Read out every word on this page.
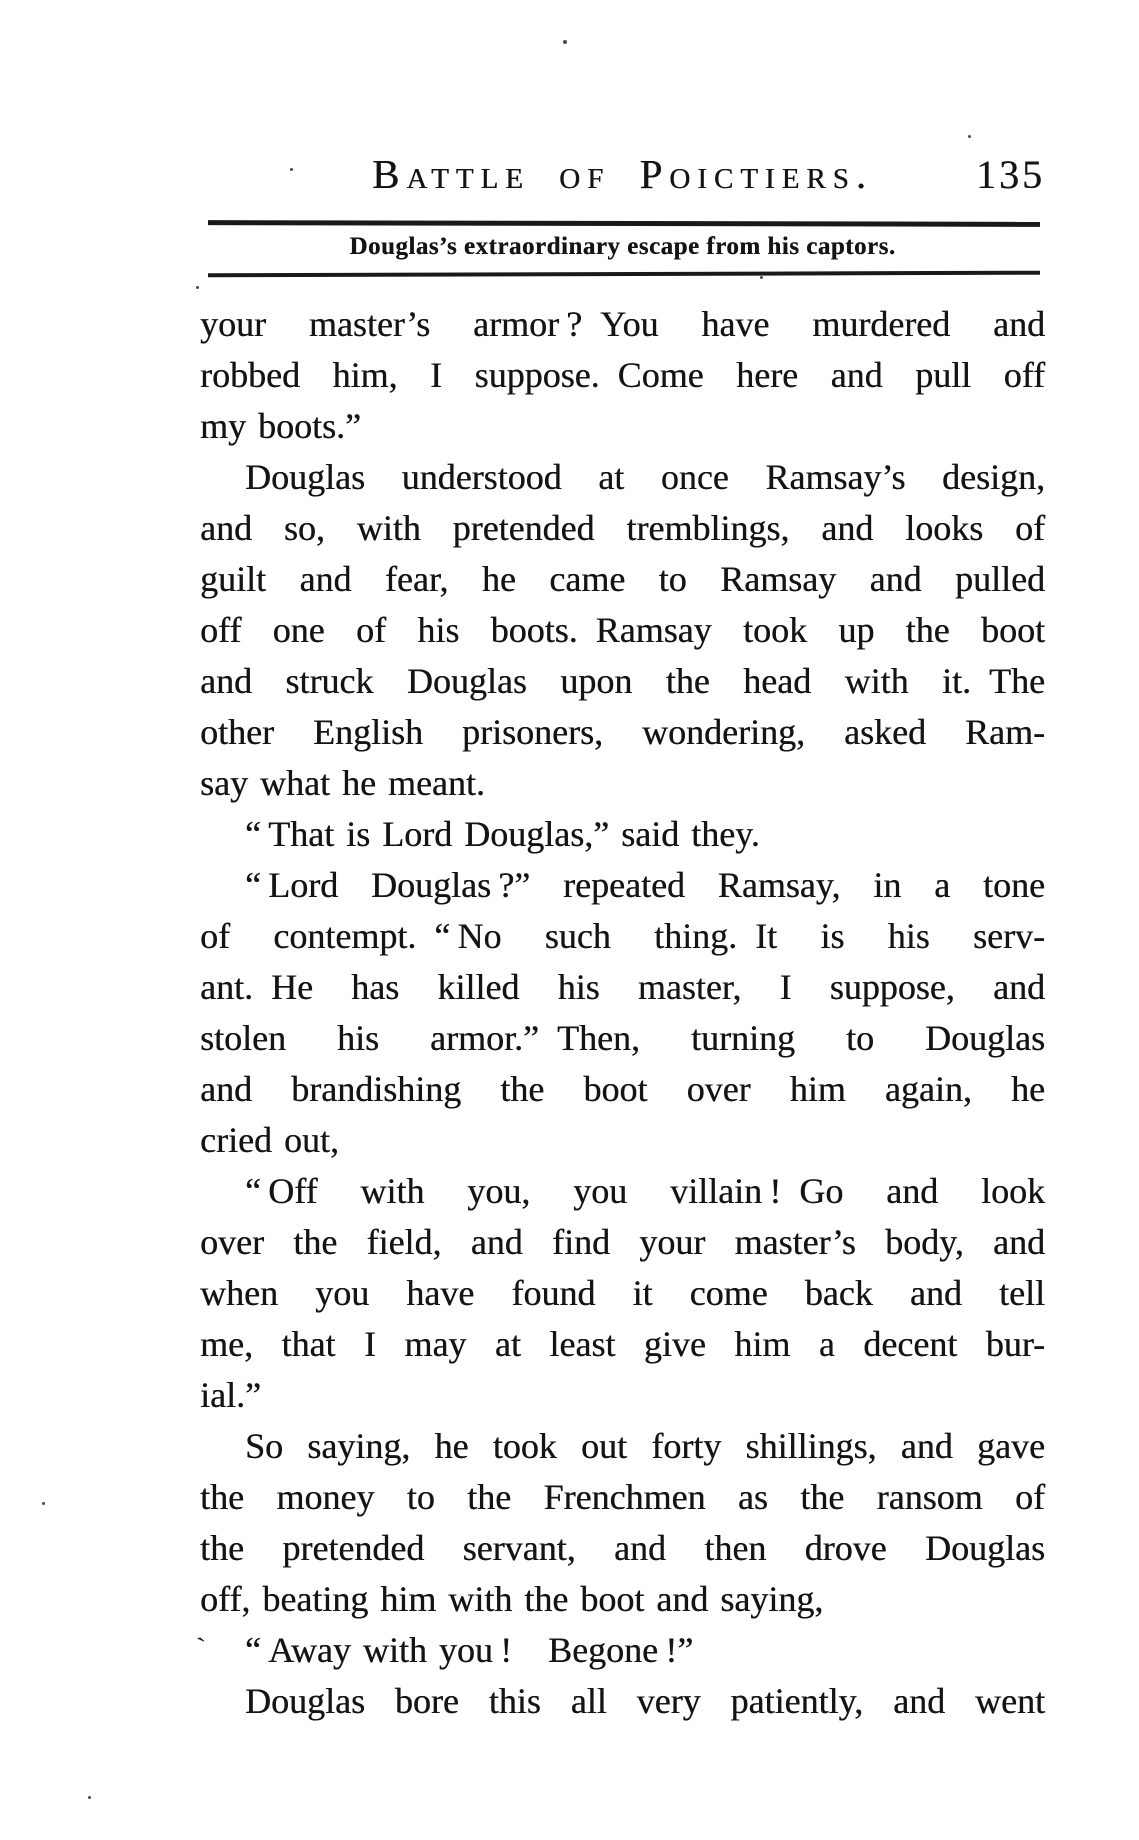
Battle of Poictiers.	135
Douglas’s extraordinary escape from his captors.
your master’s armor ? You have murdered and
robbed him, I suppose. Come here and pull off
my boots.”
Douglas understood at once Ramsay’s design,
and so, with pretended tremblings, and looks of
guilt and fear, he came to Ramsay and pulled
off one of his boots. Ramsay took up the boot
and struck Douglas upon the head with it. The
other English prisoners, wondering, asked Ram-
say what he meant.
“ That is Lord Douglas,” said they.
“ Lord Douglas ?” repeated Ramsay, in a tone
of contempt. “ No such thing. It is his serv-
ant. He has killed his master, I suppose, and
stolen his armor.” Then, turning to Douglas
and brandishing the boot over him again, he
cried out,
“ Off with you, you villain ! Go and look
over the field, and find your master’s body, and
when you have found it come back and tell
me, that I may at least give him a decent bur-
ial.”
So saying, he took out forty shillings, and gave
the money to the Frenchmen as the ransom of
the pretended servant, and then drove Douglas
off, beating him with the boot and saying,
“ Away with you !  Begone !”
Douglas bore this all very patiently, and went
`
